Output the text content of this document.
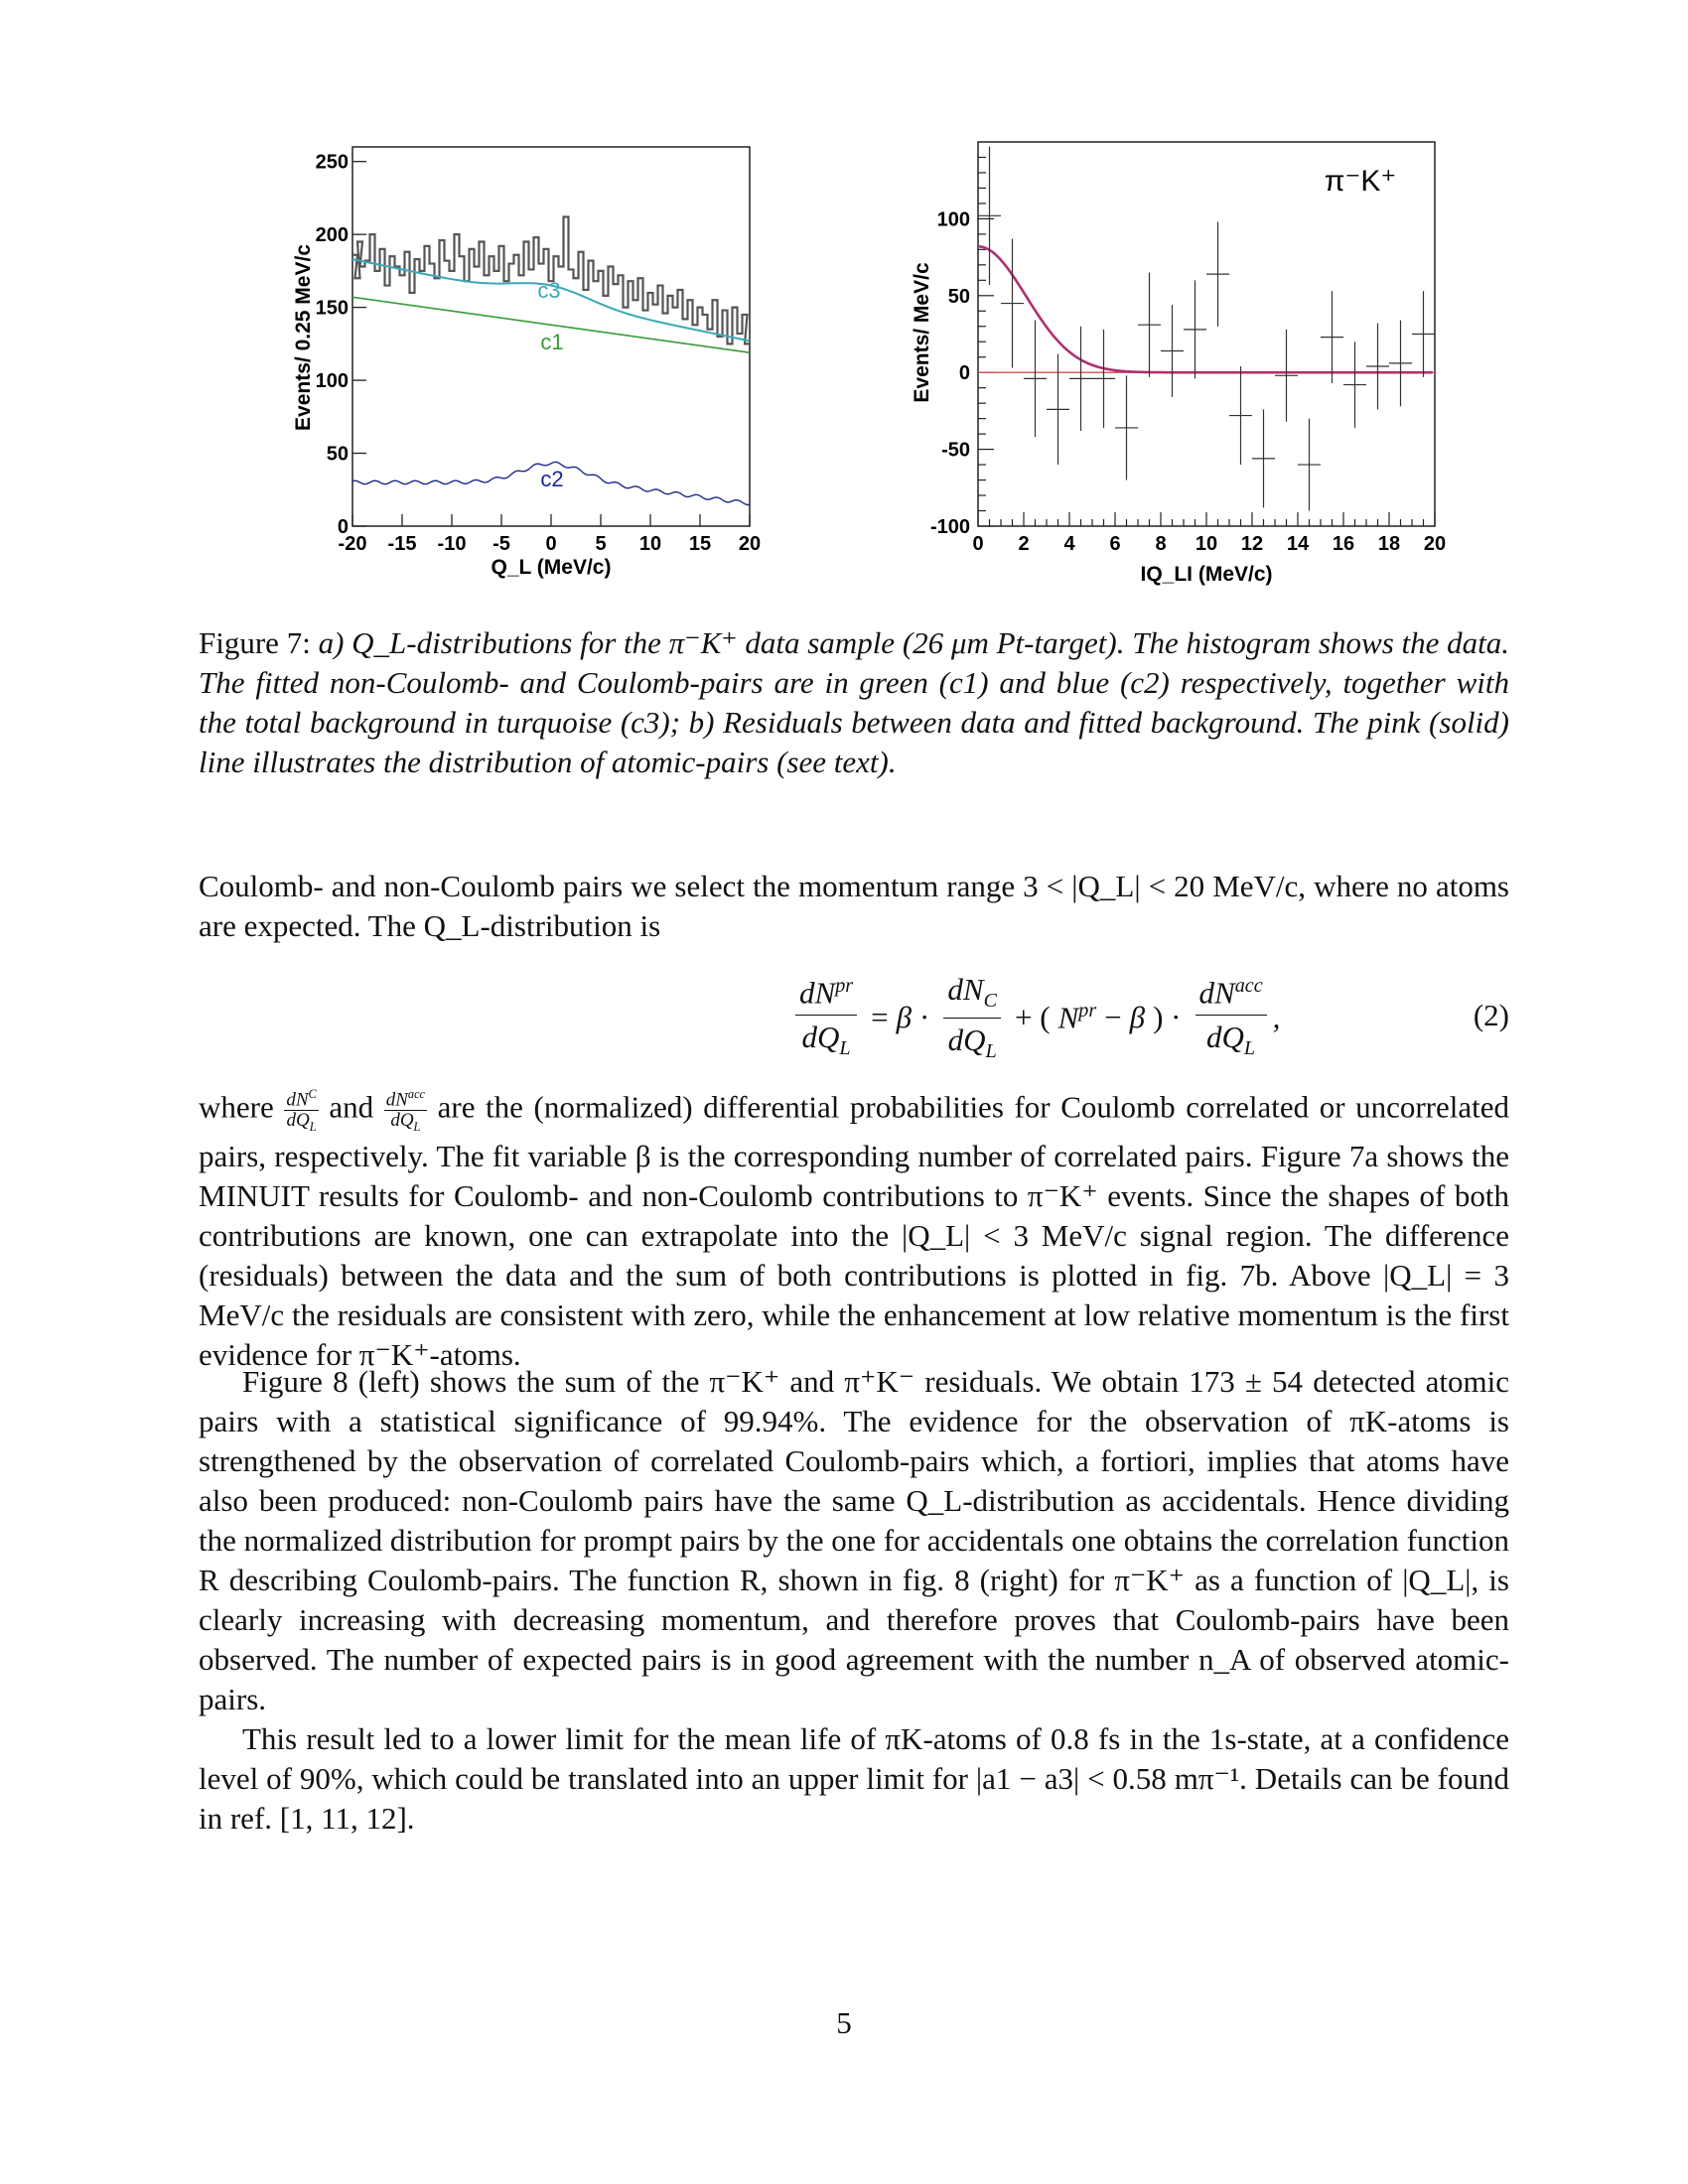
0
50
100
150
200
250
-20 -15 -10 -5 0 5 10 15 20
Events/ 0.25 MeV/c
Q_L (MeV/c)
c3
c1
c2
-100
-50
0
50
100
0 2 4 6 8 10 12 14 16 18 20
π⁻K⁺
Events/ MeV/c
IQ_LI (MeV/c)
Figure 7: a) Q_L-distributions for the π⁻K⁺ data sample (26 μm Pt-target). The histogram shows the data. The fitted non-Coulomb- and Coulomb-pairs are in green (c1) and blue (c2) respectively, together with the total background in turquoise (c3); b) Residuals between data and fitted background. The pink (solid) line illustrates the distribution of atomic-pairs (see text).

Coulomb- and non-Coulomb pairs we select the momentum range 3 < |Q_L| < 20 MeV/c, where no atoms are expected. The Q_L-distribution is

$\frac{dN^{pr}}{dQ_L} = \beta \cdot \frac{dN_C}{dQ_L}$ + ( $N^{pr} - \beta$ ) · $\frac{dN^{acc}}{dQ_L}$ ,	(2)

where $dN^C$
$dQ_L$
and $dN^{acc}$
$dQ_L$
are the (normalized) differential probabilities for Coulomb correlated or uncorrelated pairs, respectively. The fit variable β is the corresponding number of correlated pairs. Figure 7a shows the MINUIT results for Coulomb- and non-Coulomb contributions to π⁻K⁺ events. Since the shapes of both contributions are known, one can extrapolate into the |Q_L| < 3 MeV/c signal region. The difference (residuals) between the data and the sum of both contributions is plotted in fig. 7b. Above |Q_L| = 3 MeV/c the residuals are consistent with zero, while the enhancement at low relative momentum is the first evidence for π⁻K⁺-atoms.

Figure 8 (left) shows the sum of the π⁻K⁺ and π⁺K⁻ residuals. We obtain 173 ± 54 detected atomic pairs with a statistical significance of 99.94%. The evidence for the observation of πK-atoms is strengthened by the observation of correlated Coulomb-pairs which, a fortiori, implies that atoms have also been produced: non-Coulomb pairs have the same Q_L-distribution as accidentals. Hence dividing the normalized distribution for prompt pairs by the one for accidentals one obtains the correlation function R describing Coulomb-pairs. The function R, shown in fig. 8 (right) for π⁻K⁺ as a function of |Q_L|, is clearly increasing with decreasing momentum, and therefore proves that Coulomb-pairs have been observed. The number of expected pairs is in good agreement with the number n_A of observed atomic-pairs.

This result led to a lower limit for the mean life of πK-atoms of 0.8 fs in the 1s-state, at a confidence level of 90%, which could be translated into an upper limit for |a1 − a3| < 0.58 mπ⁻¹. Details can be found in ref. [1, 11, 12].

5
